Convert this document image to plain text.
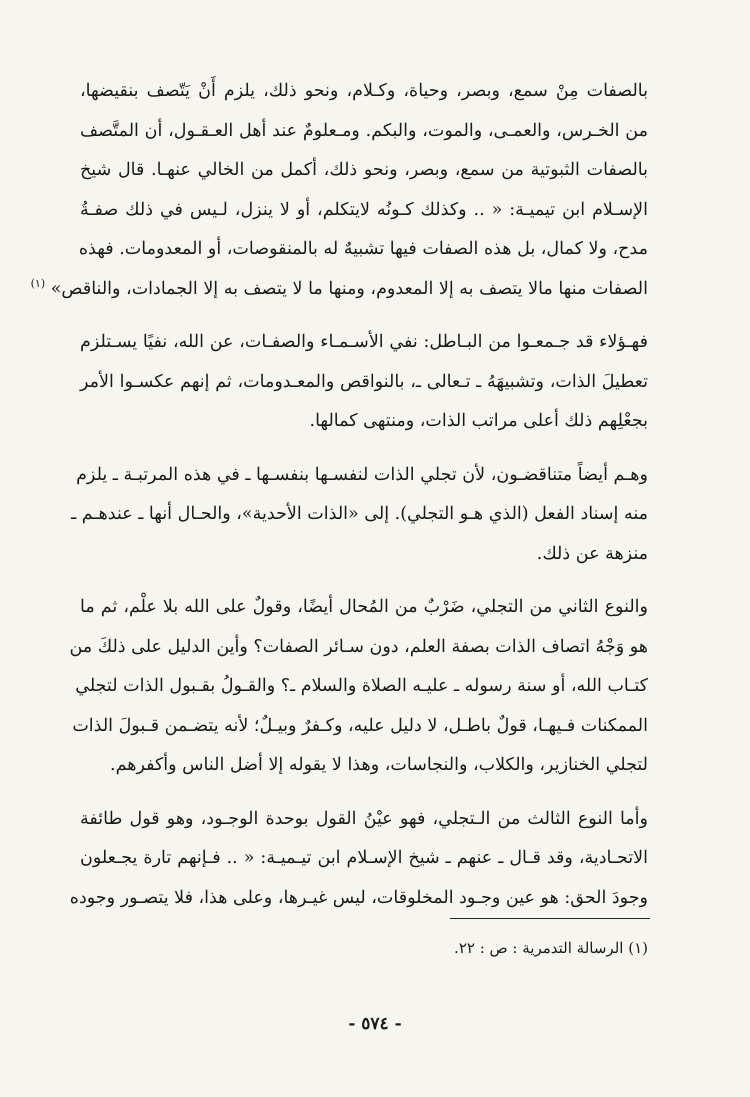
بالصفات مِنْ سمع، وبصر، وحياة، وكـلام، ونحو ذلك، يلزم أَنْ يَتّصف بنقيضها،
من الخـرس، والعمـى، والموت، والبكم. ومـعلومٌ عند أهل العـقـول، أن المتَّصف
بالصفات الثبوتية من سمع، وبصر، ونحو ذلك، أكمل من الخالي عنهـا. قال شيخ
الإسـلام ابن تيميـة: « .. وكذلك كـونُه لايتكلم، أو لا ينزل، لـيس في ذلك صفـةُ
مدح، ولا كمال، بل هذه الصفات فيها تشبيهٌ له بالمنقوصات، أو المعدومات. فهذه
الصفات منها مالا يتصف به إلا المعدوم، ومنها ما لا يتصف به إلا الجمادات، والناقص» $^{(١)}$

فهـؤلاء قد جـمعـوا من البـاطل: نفي الأسـمـاء والصفـات، عن الله، نفيًا يسـتلزم
تعطيلَ الذات، وتشبيهَهُ ـ تـعالى ـ، بالنواقص والمعـدومات، ثم إنهم عكسـوا الأمر
بجعْلِهم ذلك أعلى مراتب الذات، ومنتهى كمالها.

وهـم أيضاً متناقضـون، لأن تجلي الذات لنفسـها بنفسـها ـ في هذه المرتبـة ـ يلزم
منه إسناد الفعل (الذي هـو التجلي). إلى «الذات الأحدية»، والحـال أنها ـ عندهـم ـ
منزهة عن ذلك.

والنوع الثاني من التجلي، ضَرْبٌ من المُحال أيضًا، وقولٌ على الله بلا علْم، ثم ما
هو وَجْهُ اتصاف الذات بصفة العلم، دون سـائر الصفات؟ وأين الدليل على ذلكَ من
كتـاب الله، أو سنة رسوله ـ عليـه الصلاة والسلام ـ؟ والقـولُ بقـبول الذات لتجلي
الممكنات فـيهـا، قولٌ باطـل، لا دليل عليه، وكـفرٌ وبيـلٌ؛ لأنه يتضـمن قـبولَ الذات
لتجلي الخنازير، والكلاب، والنجاسات، وهذا لا يقوله إلا أضل الناس وأكفرهم.

وأما النوع الثالث من الـتجلي، فهو عيْنُ القول بوحدة الوجـود، وهو قول طائفة
الاتحـادية، وقد قـال ـ عنهم ـ شيخ الإسـلام ابن تيـميـة: « .. فـإنهم تارة يجـعلون
وجودَ الحق: هو عين وجـود المخلوقات، ليس غيـرها، وعلى هذا، فلا يتصـور وجوده

(١) الرسالة التدمرية : ص : ٢٢.
- ٥٧٤ -
